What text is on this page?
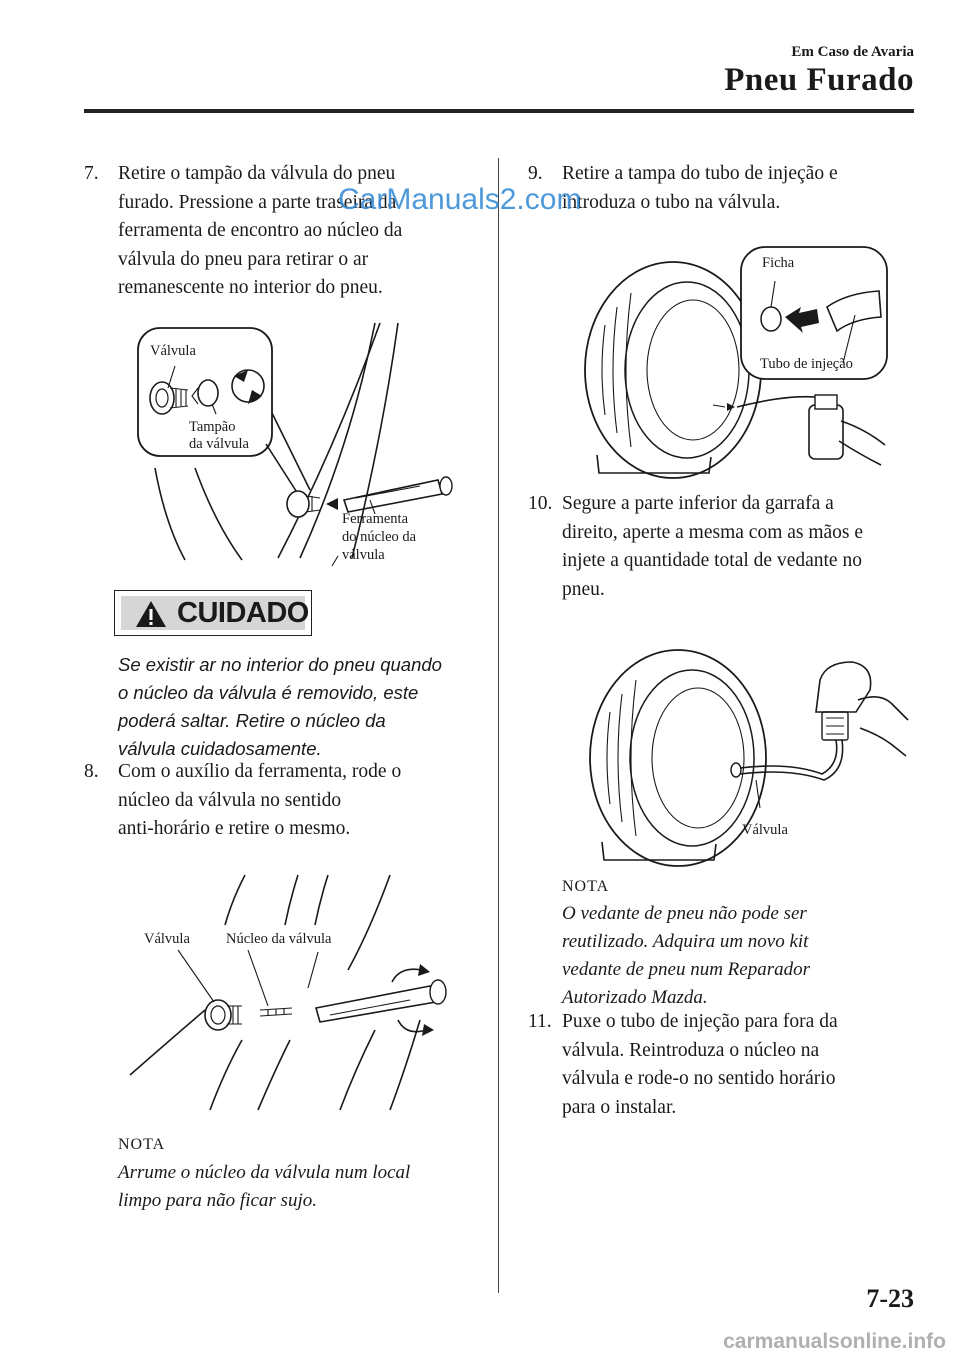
Em Caso de Avaria
Pneu Furado
7. Retire o tampão da válvula do pneu
furado. Pressione a parte traseira da
ferramenta de encontro ao núcleo da
válvula do pneu para retirar o ar
remanescente no interior do pneu.
Válvula
Tampão
da válvula
Ferramenta
do núcleo da
válvula
CUIDADO
Se existir ar no interior do pneu quando
o núcleo da válvula é removido, este
poderá saltar. Retire o núcleo da
válvula cuidadosamente.
8. Com o auxílio da ferramenta, rode o
núcleo da válvula no sentido
anti-horário e retire o mesmo.
Válvula Núcleo da válvula
NOTA
Arrume o núcleo da válvula num local
limpo para não ficar sujo.
9. Retire a tampa do tubo de injeção e
introduza o tubo na válvula.
Ficha
Tubo de injeção
10. Segure a parte inferior da garrafa a
direito, aperte a mesma com as mãos e
injete a quantidade total de vedante no
pneu.
Válvula
NOTA
O vedante de pneu não pode ser
reutilizado. Adquira um novo kit
vedante de pneu num Reparador
Autorizado Mazda.
11. Puxe o tubo de injeção para fora da
válvula. Reintroduza o núcleo na
válvula e rode-o no sentido horário
para o instalar.
CarManuals2.com
7-23
carmanualsonline.info
